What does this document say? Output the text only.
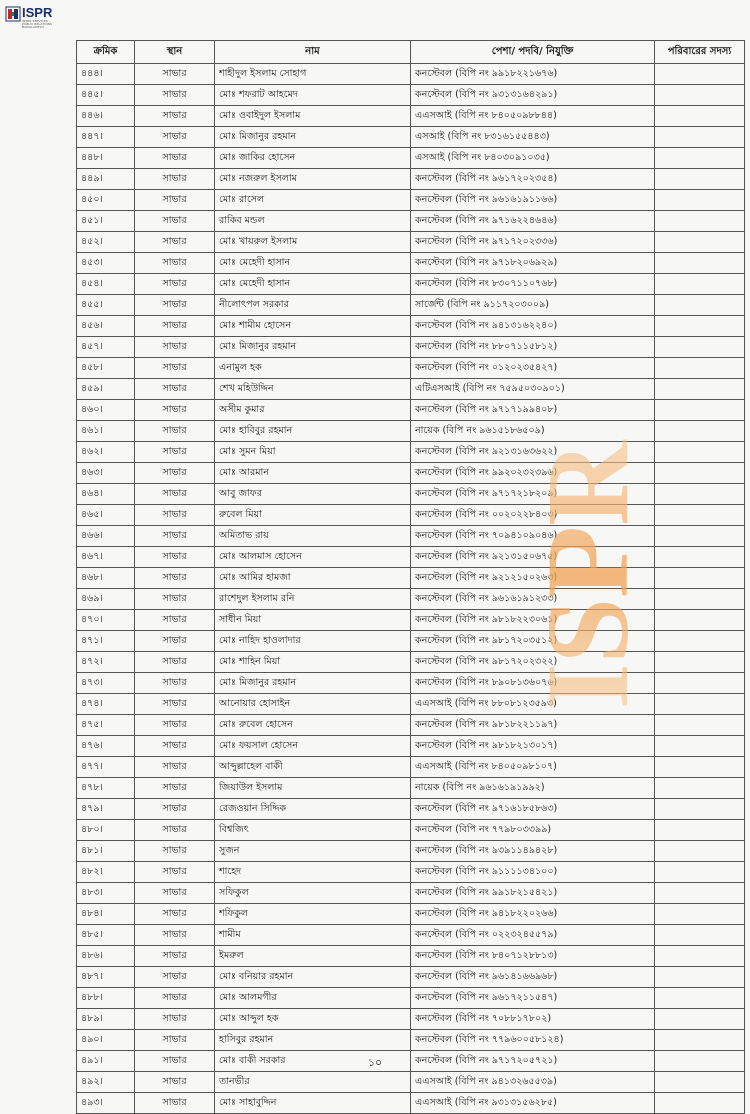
ISPR
INTER SERVICES PUBLIC RELATIONS BANGLADESH
ক্রমিক	স্থান	নাম	পেশা/ পদবি/ নিযুক্তি	পরিবারের সদস্য
৪৪৪।	সাভার	শাহীদুল ইসলাম সোহাগ	কনস্টেবল (বিপি নং ৯৯১৮২২১৬৭৬)	
৪৪৫।	সাভার	মোঃ শফরাট আহমেদ	কনস্টেবল (বিপি নং ৯৩১৩১৬৪২৯১)	
৪৪৬।	সাভার	মোঃ ওবাইদুল ইসলাম	এএসআই (বিপি নং ৮৪০৫০৯৮৮৪৪)	
৪৪৭।	সাভার	মোঃ মিজানুর রহমান	এসআই (বিপি নং ৮৩১৬১৫৫৪৪৩)	
৪৪৮।	সাভার	মোঃ জাকির হোসেন	এসআই (বিপি নং ৮৪০৩০৯১০৩৫)	
৪৪৯।	সাভার	মোঃ নজরুল ইসলাম	কনস্টেবল (বিপি নং ৯৬১৭২০২৩৫৪)	
৪৫০।	সাভার	মোঃ রাসেল	কনস্টেবল (বিপি নং ৯৬১৬১৯১১৬৬)	
৪৫১।	সাভার	রাকিব মন্ডল	কনস্টেবল (বিপি নং ৯৭১৬২২৪৬৪৬)	
৪৫২।	সাভার	মোঃ খায়রুল ইসলাম	কনস্টেবল (বিপি নং ৯৭১৭২০২৩৩৬)	
৪৫৩।	সাভার	মোঃ মেহেদী হাসান	কনস্টেবল (বিপি নং ৯৭১৮২০৬৯২৯)	
৪৫৪।	সাভার	মোঃ মেহেদী হাসান	কনস্টেবল (বিপি নং ৮৩০৭১১০৭৬৮)	
৪৫৫।	সাভার	নীলোৎপল সরকার	সার্জেন্ট (বিপি নং ৯১১৭২০৩০০৯)	
৪৫৬।	সাভার	মোঃ শামীম হোসেন	কনস্টেবল (বিপি নং ৯৪১৩১৬২২৪০)	
৪৫৭।	সাভার	মোঃ মিজানুর রহমান	কনস্টেবল (বিপি নং ৮৮০৭১১৫৮১২)	
৪৫৮।	সাভার	এনামুল হক	কনস্টেবল (বিপি নং ০১২০২৩৫৪২৭)	
৪৫৯।	সাভার	শেখ মহিউদ্দিন	এটিএসআই (বিপি নং ৭৫৯৫০৩০৯০১)	
৪৬০।	সাভার	অসীম কুমার	কনস্টেবল (বিপি নং ৯৭১৭১৯৯৪০৮)	
৪৬১।	সাভার	মোঃ হাবিবুর রহমান	নায়েক (বিপি নং ৯৬১৫১৮৬৫০৯)	
৪৬২।	সাভার	মোঃ সুমন মিয়া	কনস্টেবল (বিপি নং ৯২১৩১৬৩৬২২)	
৪৬৩।	সাভার	মোঃ আরমান	কনস্টেবল (বিপি নং ৯৯২০২৩২৩৯৬)	
৪৬৪।	সাভার	আবু জাফর	কনস্টেবল (বিপি নং ৯৭১৭২১৮২০৯)	
৪৬৫।	সাভার	রুবেল মিয়া	কনস্টেবল (বিপি নং ০০২০২২৮৪০৩)	
৪৬৬।	সাভার	অমিতাভ রায়	কনস্টেবল (বিপি নং ৭০৯৪১০৯০৪৬)	
৪৬৭।	সাভার	মোঃ আলমাস হোসেন	কনস্টেবল (বিপি নং ৯২১৩১৫০৬৭৫)	
৪৬৮।	সাভার	মোঃ আমির হামজা	কনস্টেবল (বিপি নং ৯২১২১৫০২৬৩)	
৪৬৯।	সাভার	রাশেদুল ইসলাম রনি	কনস্টেবল (বিপি নং ৯৬১৬১৯১২৩৩)	
৪৭০।	সাভার	সাধীন মিয়া	কনস্টেবল (বিপি নং ৯৮১৮২২৩০৬১)	
৪৭১।	সাভার	মোঃ নাহিদ হাওলাদার	কনস্টেবল (বিপি নং ৯৮১৭২০৩৫১২)	
৪৭২।	সাভার	মোঃ শাহিন মিয়া	কনস্টেবল (বিপি নং ৯৮১৭২০২৩২২)	
৪৭৩।	সাভার	মোঃ মিজানুর রহমান	কনস্টেবল (বিপি নং ৮৯০৮১৩৬০৭৬)	
৪৭৪।	সাভার	আনোয়ার হোসাইন	এএসআই (বিপি নং ৮৮০৮১২৩৫৯৩)	
৪৭৫।	সাভার	মোঃ রুবেল হোসেন	কনস্টেবল (বিপি নং ৯৮১৮২২১১৯৭)	
৪৭৬।	সাভার	মোঃ ফয়সাল হোসেন	কনস্টেবল (বিপি নং ৯৮১৮২১৩০১৭)	
৪৭৭।	সাভার	আব্দুল্লাহেল বাকী	এএসআই (বিপি নং ৮৪০৫০৯৮১০৭)	
৪৭৮।	সাভার	জিয়াউল ইসলাম	নায়েক (বিপি নং ৯৬১৬১৯১৯৯২)	
৪৭৯।	সাভার	রেজওয়ান সিদ্দিক	কনস্টেবল (বিপি নং ৯৭১৬১৮৫৮৬৩)	
৪৮০।	সাভার	বিশ্বজিৎ	কনস্টেবল (বিপি নং ৭৭৯৮০৩৩৯৯)	
৪৮১।	সাভার	সুজন	কনস্টেবল (বিপি নং ৯৩৯১১৪৯৪২৮)	
৪৮২।	সাভার	শাহেদ	কনস্টেবল (বিপি নং ৯১১১১৩৪১০০)	
৪৮৩।	সাভার	সফিকুল	কনস্টেবল (বিপি নং ৯৯১৮২১৫৪২১)	
৪৮৪।	সাভার	শফিকুল	কনস্টেবল (বিপি নং ৯৪১৮২২০২৬৬)	
৪৮৫।	সাভার	শামীম	কনস্টেবল (বিপি নং ০২২৩২৪৫৫৭৯)	
৪৮৬।	সাভার	ইমরুল	কনস্টেবল (বিপি নং ৮৪০৭১২৮৮১৩)	
৪৮৭।	সাভার	মোঃ বনিয়ার রহমান	কনস্টেবল (বিপি নং ৯৬১৪১৬৬৯৬৮)	
৪৮৮।	সাভার	মোঃ আলমগীর	কনস্টেবল (বিপি নং ৯৬১৭২১১৫৪৭)	
৪৮৯।	সাভার	মোঃ আব্দুল হক	কনস্টেবল (বিপি নং ৭০৮৮১৭৮০২)	
৪৯০।	সাভার	হাসিবুর রহমান	কনস্টেবল (বিপি নং ৭৭৯৬০০৫৮১২৪)	
৪৯১।	সাভার	মোঃ বাকী সরকার	কনস্টেবল (বিপি নং ৯৭১৭২০৫৭২১)	
৪৯২।	সাভার	তানভীর	এএসআই (বিপি নং ৯৪১৩২৬৫৫৩৯)	
৪৯৩।	সাভার	মোঃ সাহাবুদ্দিন	এএসআই (বিপি নং ৯৩১৩১৫৬২৮৫)	
ISPR
১০
